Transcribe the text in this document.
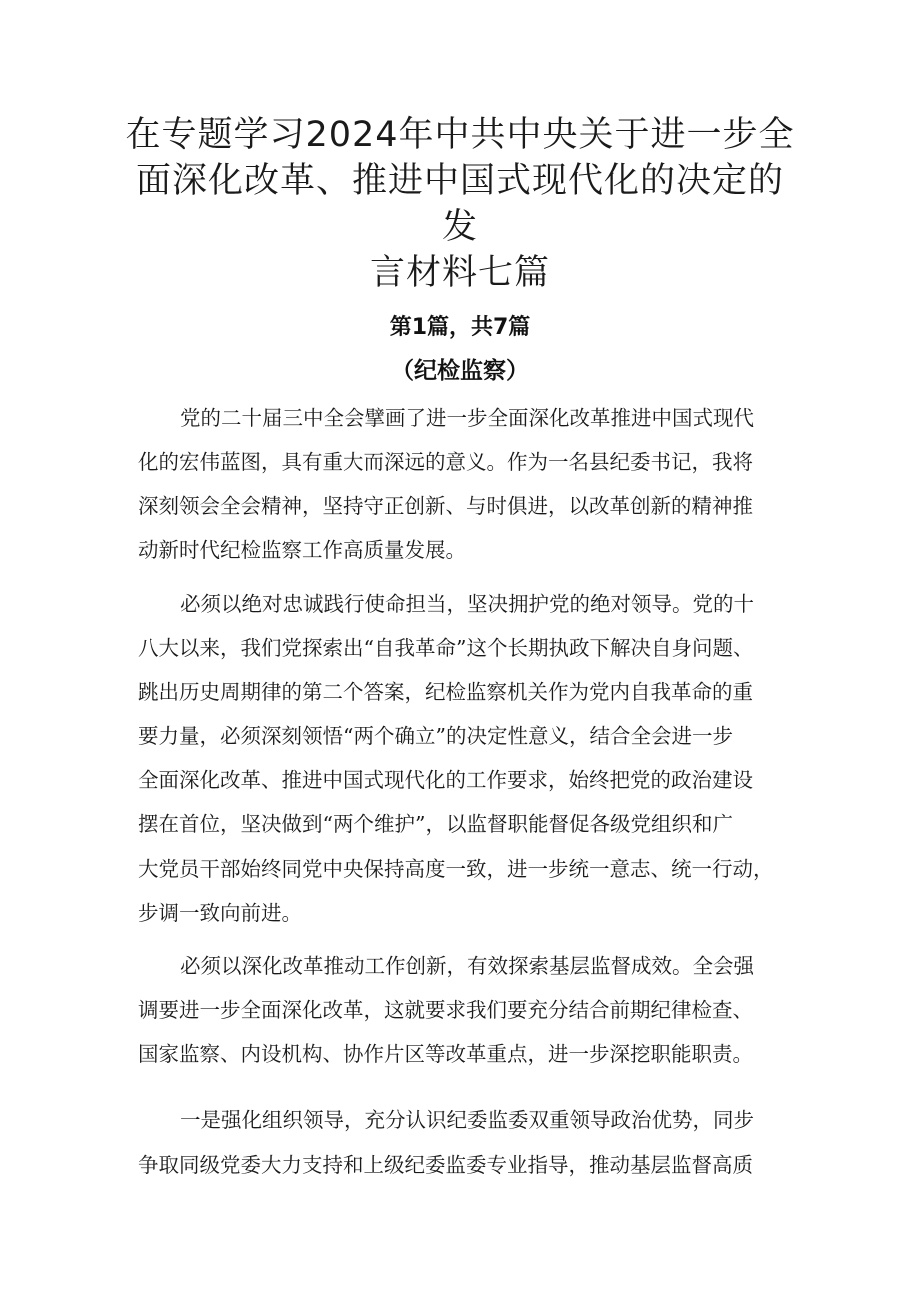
在专题学习2024年中共中央关于进一步全
面深化改革、推进中国式现代化的决定的发
言材料七篇
第1篇，共7篇
（纪检监察）
党的二十届三中全会擘画了进一步全面深化改革推进中国式现代
化的宏伟蓝图，具有重大而深远的意义。作为一名县纪委书记，我将
深刻领会全会精神，坚持守正创新、与时俱进，以改革创新的精神推
动新时代纪检监察工作高质量发展。
必须以绝对忠诚践行使命担当，坚决拥护党的绝对领导。党的十
八大以来，我们党探索出“自我革命”这个长期执政下解决自身问题、
跳出历史周期律的第二个答案，纪检监察机关作为党内自我革命的重
要力量，必须深刻领悟“两个确立”的决定性意义，结合全会进一步
全面深化改革、推进中国式现代化的工作要求，始终把党的政治建设
摆在首位，坚决做到“两个维护”，以监督职能督促各级党组织和广
大党员干部始终同党中央保持高度一致，进一步统一意志、统一行动，
步调一致向前进。
必须以深化改革推动工作创新，有效探索基层监督成效。全会强
调要进一步全面深化改革，这就要求我们要充分结合前期纪律检查、
国家监察、内设机构、协作片区等改革重点，进一步深挖职能职责。
一是强化组织领导，充分认识纪委监委双重领导政治优势，同步
争取同级党委大力支持和上级纪委监委专业指导，推动基层监督高质
